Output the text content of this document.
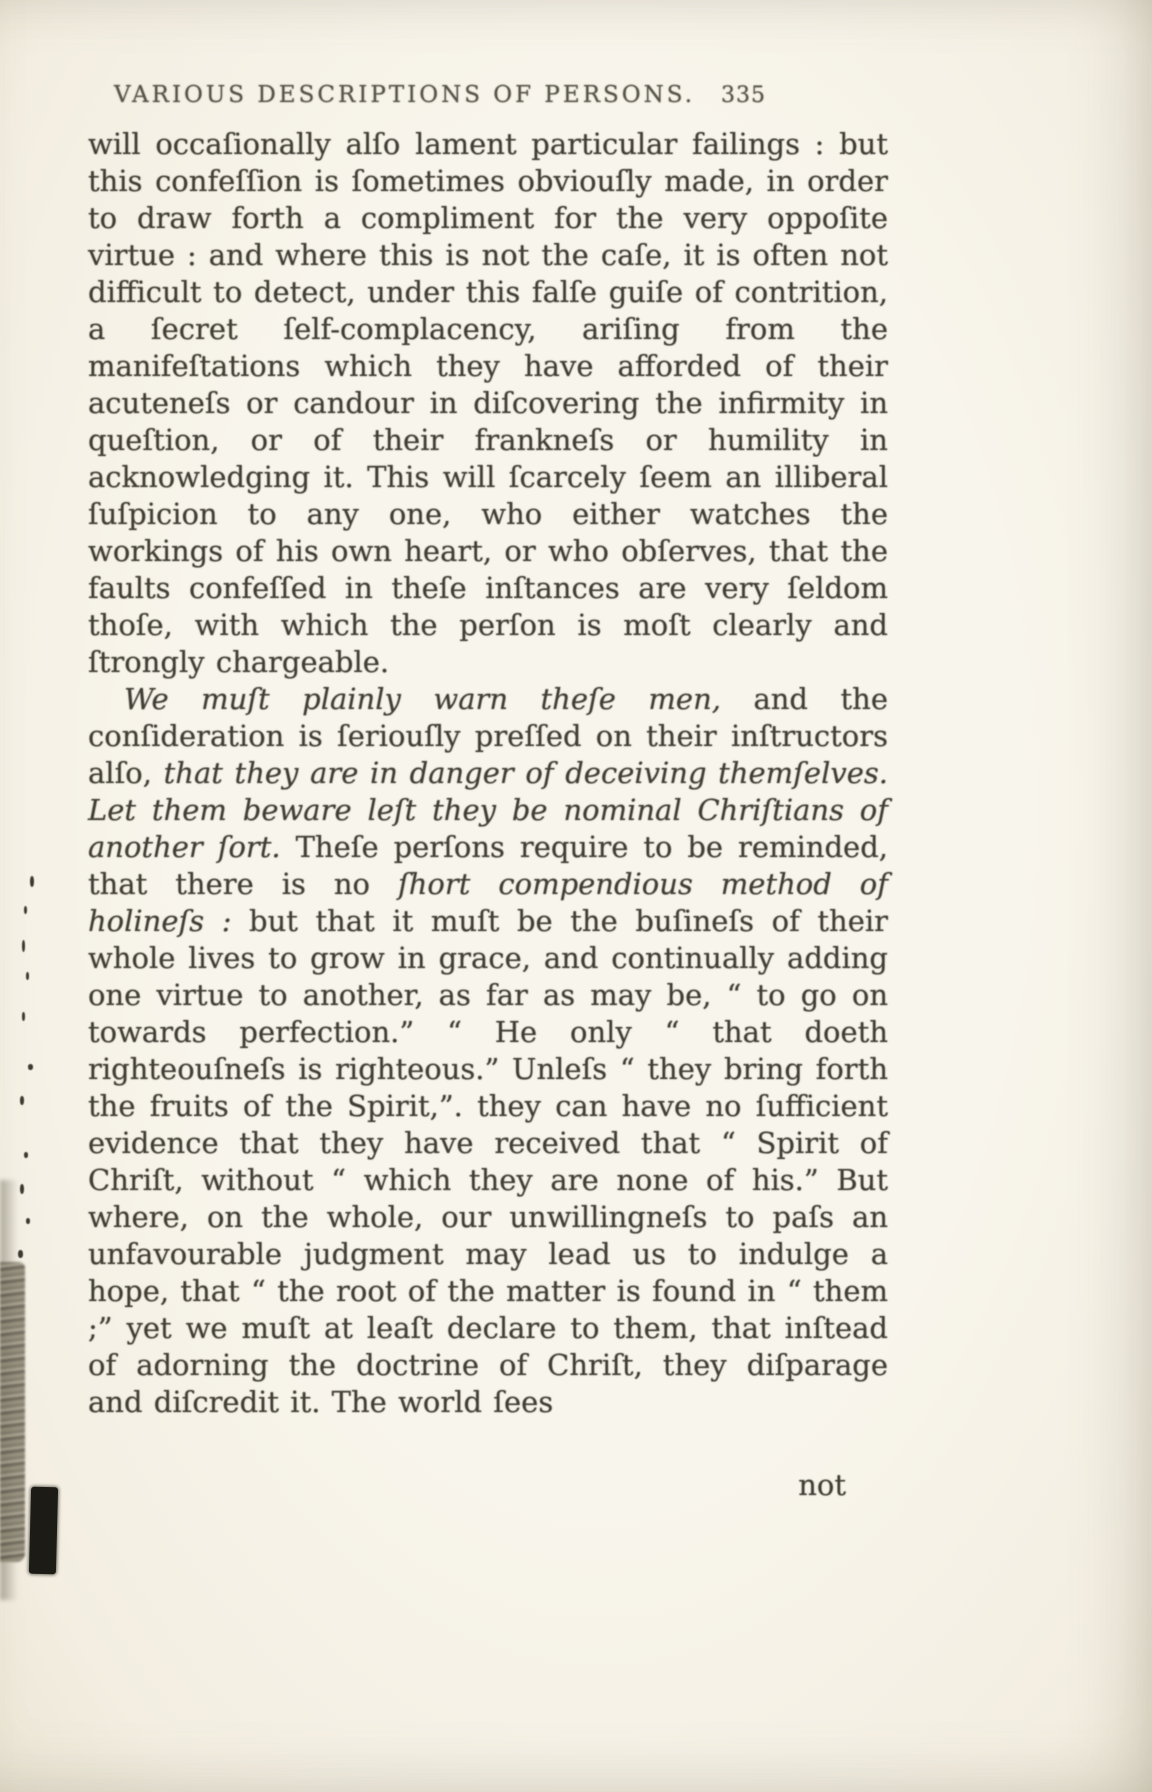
VARIOUS DESCRIPTIONS OF PERSONS. 335

will occaſionally alſo lament particular failings : but this confeſſion is ſometimes obviouſly made, in order to draw forth a compliment for the very oppoſite virtue : and where this is not the caſe, it is often not difficult to detect, under this falſe guiſe of contrition, a ſecret ſelf-complacency, ariſing from the manifeſtations which they have afforded of their acuteneſs or candour in diſcovering the infirmity in queſtion, or of their frankneſs or humility in acknowledging it. This will ſcarcely ſeem an illiberal ſuſpicion to any one, who either watches the workings of his own heart, or who obſerves, that the faults confeſſed in theſe inſtances are very ſeldom thoſe, with which the perſon is moſt clearly and ſtrongly chargeable.

We muſt plainly warn theſe men, and the conſideration is ſeriouſly preſſed on their inſtructors alſo, that they are in danger of deceiving themſelves. Let them beware leſt they be nominal Chriſtians of another ſort. Theſe perſons require to be reminded, that there is no ſhort compendious method of holineſs : but that it muſt be the buſineſs of their whole lives to grow in grace, and continually adding one virtue to another, as far as may be, “ to go on towards perfection.” “ He only “ that doeth righteouſneſs is righteous.” Unleſs “ they bring forth the fruits of the Spirit,”. they can have no ſufficient evidence that they have received that “ Spirit of Chriſt, without “ which they are none of his.” But where, on the whole, our unwillingneſs to paſs an unfavourable judgment may lead us to indulge a hope, that “ the root of the matter is found in “ them ;” yet we muſt at leaſt declare to them, that inſtead of adorning the doctrine of Chriſt, they diſparage and diſcredit it. The world ſees

not
